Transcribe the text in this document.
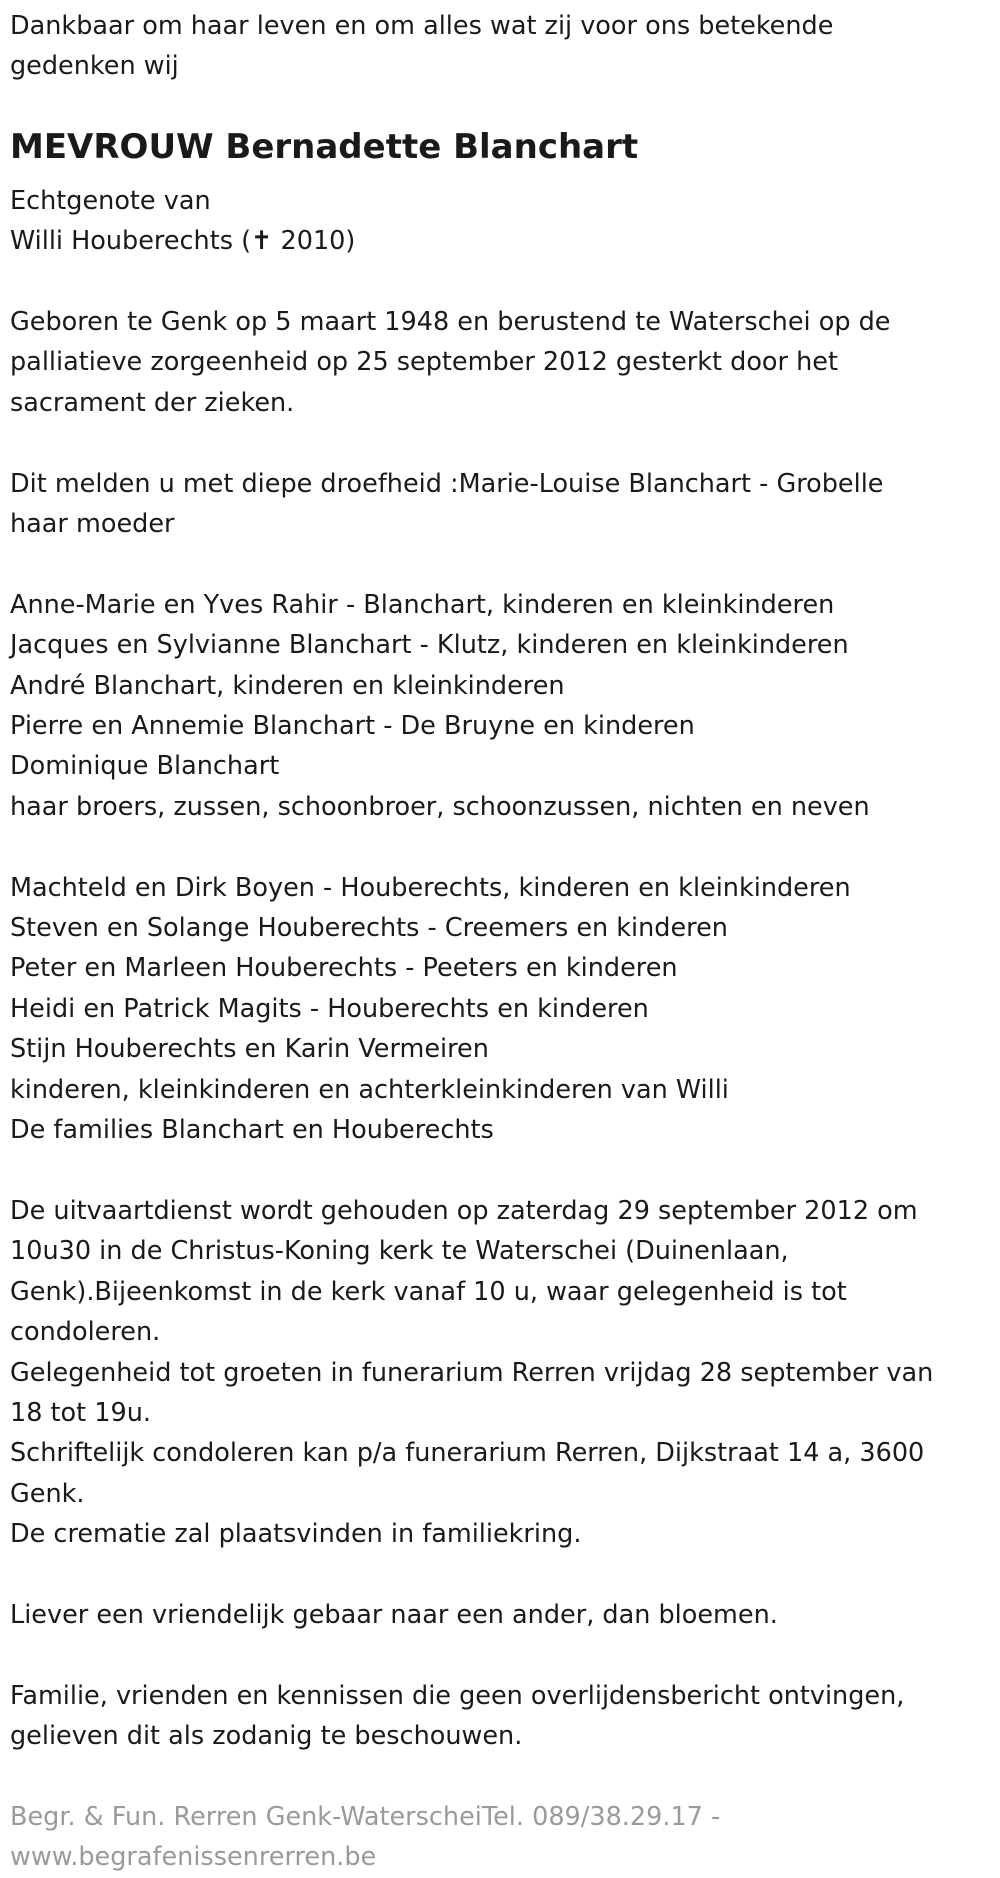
Dankbaar om haar leven en om alles wat zij voor ons betekende

gedenken wij

MEVROUW Bernadette Blanchart

Echtgenote van

Willi Houberechts (✝ 2010)

Geboren te Genk op 5 maart 1948 en berustend te Waterschei op de

palliatieve zorgeenheid op 25 september 2012 gesterkt door het

sacrament der zieken.

Dit melden u met diepe droefheid :Marie-Louise Blanchart - Grobelle

haar moeder

Anne-Marie en Yves Rahir - Blanchart, kinderen en kleinkinderen

Jacques en Sylvianne Blanchart - Klutz, kinderen en kleinkinderen

André Blanchart, kinderen en kleinkinderen

Pierre en Annemie Blanchart - De Bruyne en kinderen

Dominique Blanchart

haar broers, zussen, schoonbroer, schoonzussen, nichten en neven

Machteld en Dirk Boyen - Houberechts, kinderen en kleinkinderen

Steven en Solange Houberechts - Creemers en kinderen

Peter en Marleen Houberechts - Peeters en kinderen

Heidi en Patrick Magits - Houberechts en kinderen

Stijn Houberechts en Karin Vermeiren

kinderen, kleinkinderen en achterkleinkinderen van Willi

De families Blanchart en Houberechts

De uitvaartdienst wordt gehouden op zaterdag 29 september 2012 om

10u30 in de Christus-Koning kerk te Waterschei (Duinenlaan,

Genk).Bijeenkomst in de kerk vanaf 10 u, waar gelegenheid is tot

condoleren.

Gelegenheid tot groeten in funerarium Rerren vrijdag 28 september van

18 tot 19u.

Schriftelijk condoleren kan p/a funerarium Rerren, Dijkstraat 14 a, 3600

Genk.

De crematie zal plaatsvinden in familiekring.

Liever een vriendelijk gebaar naar een ander, dan bloemen.

Familie, vrienden en kennissen die geen overlijdensbericht ontvingen,

gelieven dit als zodanig te beschouwen.

Begr. & Fun. Rerren Genk-WaterscheiTel. 089/38.29.17 -

www.begrafenissenrerren.be
